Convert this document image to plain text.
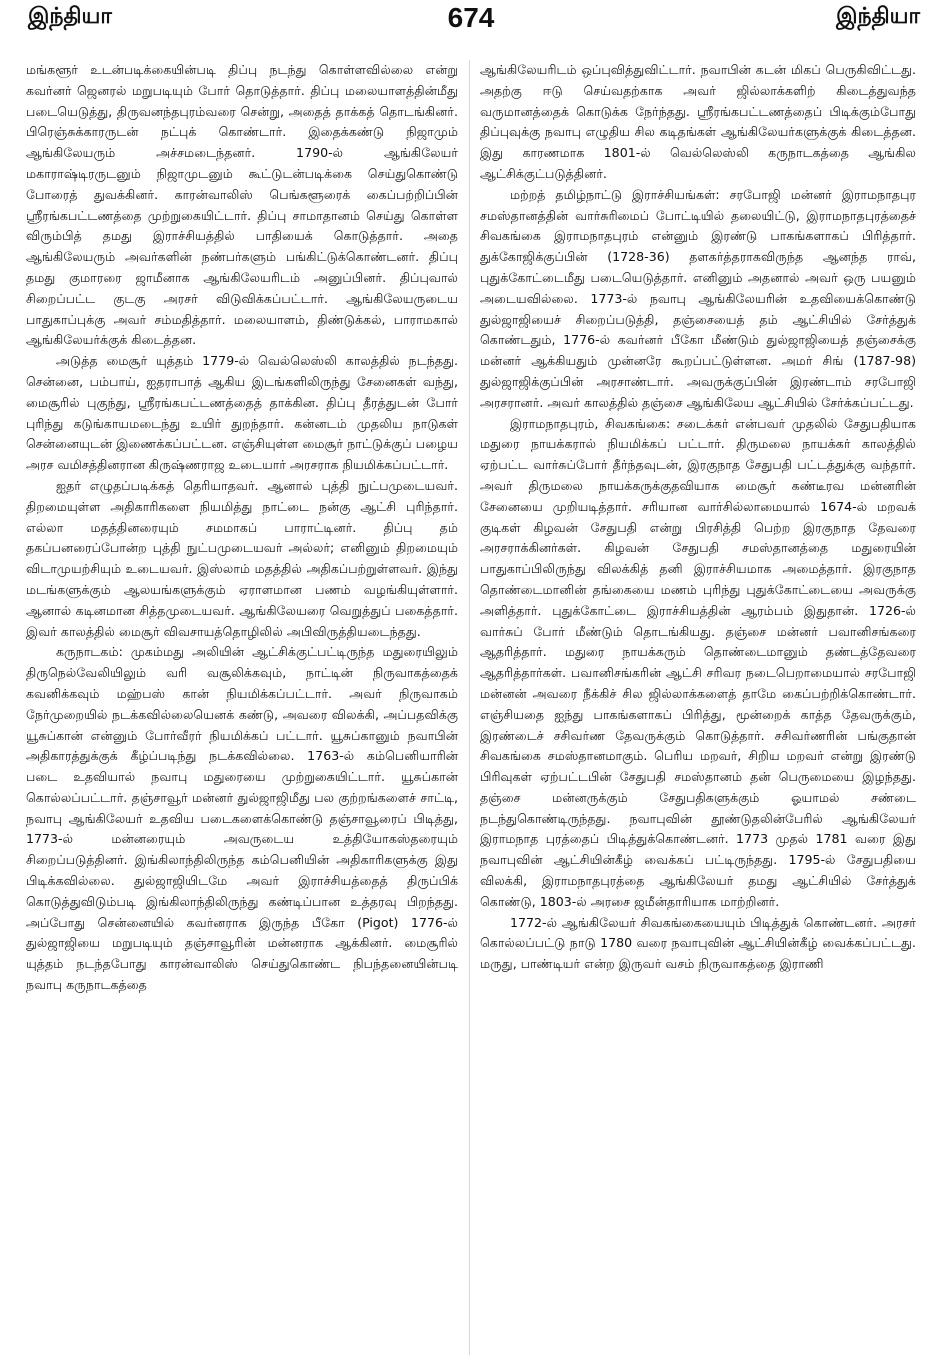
இந்தியா	674	இந்தியா

மங்களூர் உடன்படிக்கையின்படி திப்பு நடந்து கொள்ளவில்லை என்று கவர்னர் ஜெனரல் மறுபடியும் போர் தொடுத்தார். திப்பு மலையாளத்தின்மீது படையெடுத்து, திருவனந்தபுரம்வரை சென்று, அதைத் தாக்கத் தொடங்கினர். பிரெஞ்சுக்காரருடன் நட்புக் கொண்டார். இதைக்கண்டு நிஜாமும் ஆங்கிலேயரும் அச்சமடைந்தனர். 1790-ல் ஆங்கிலேயர் மகாராஷ்டிரருடனும் நிஜாமுடனும் கூட்டுடன்படிக்கை செய்துகொண்டு போரைத் துவக்கினர். காரன்வாலிஸ் பெங்களூரைக் கைப்பற்றிப்பின் ஸ்ரீரங்கபட்டணத்தை முற்றுகையிட்டார். திப்பு சாமாதானம் செய்து கொள்ள விரும்பித் தமது இராச்சியத்தில் பாதியைக் கொடுத்தார். அதை ஆங்கிலேயரும் அவர்களின் நண்பர்களும் பங்கிட்டுக்கொண்டனர். திப்பு தமது குமாரரை ஜாமீனாக ஆங்கிலேயரிடம் அனுப்பினர். திப்புவால் சிறைப்பட்ட குடகு அரசர் விடுவிக்கப்பட்டார். ஆங்கிலேயருடைய பாதுகாப்புக்கு அவர் சம்மதித்தார். மலையாளம், திண்டுக்கல், பாராமகால் ஆங்கிலேயர்க்குக் கிடைத்தன.

அடுத்த மைசூர் யுத்தம் 1779-ல் வெல்லெஸ்லி காலத்தில் நடந்தது. சென்னை, பம்பாய், ஐதராபாத் ஆகிய இடங்களிலிருந்து சேனைகள் வந்து, மைசூரில் புகுந்து, ஸ்ரீரங்கபட்டணத்தைத் தாக்கின. திப்பு தீரத்துடன் போர் புரிந்து கடுங்காயமடைந்து உயிர் துறந்தார். கன்னடம் முதலிய நாடுகள் சென்னையுடன் இணைக்கப்பட்டன. எஞ்சியுள்ள மைசூர் நாட்டுக்குப் பழைய அரச வமிசத்தினரான கிருஷ்ணராஜ உடையார் அரசராக நியமிக்கப்பட்டார்.

ஐதர் எழுதப்படிக்கத் தெரியாதவர். ஆனால் புத்தி நுட்பமுடையவர். திறமையுள்ள அதிகாரிகளை நியமித்து நாட்டை நன்கு ஆட்சி புரிந்தார். எல்லா மதத்தினரையும் சமமாகப் பாராட்டினர். திப்பு தம் தகப்பனரைப்போன்ற புத்தி நுட்பமுடையவர் அல்லர்; எனினும் திறமையும் விடாமுயற்சியும் உடையவர். இஸ்லாம் மதத்தில் அதிகப்பற்றுள்ளவர். இந்து மடங்களுக்கும் ஆலயங்களுக்கும் ஏராளமான பணம் வழங்கியுள்ளார். ஆனால் கடினமான சித்தமுடையவர். ஆங்கிலேயரை வெறுத்துப் பகைத்தார். இவர் காலத்தில் மைசூர் விவசாயத்தொழிலில் அபிவிருத்தியடைந்தது.

கருநாடகம்: முகம்மது அலியின் ஆட்சிக்குட்பட்டிருந்த மதுரையிலும் திருநெல்வேலியிலும் வரி வசூலிக்கவும், நாட்டின் நிருவாகத்தைக் கவனிக்கவும் மஹ்பஸ் கான் நியமிக்கப்பட்டார். அவர் நிருவாகம் நேர்முறையில் நடக்கவில்லையெனக் கண்டு, அவரை விலக்கி, அப்பதவிக்கு யூசுப்கான் என்னும் போர்வீரர் நியமிக்கப் பட்டார். யூசுப்கானும் நவாபின் அதிகாரத்துக்குக் கீழ்ப்படிந்து நடக்கவில்லை. 1763-ல் கம்பெனியாரின் படை உதவியால் நவாபு மதுரையை முற்றுகையிட்டார். யூசுப்கான் கொல்லப்பட்டார். தஞ்சாவூர் மன்னர் துல்ஜாஜிமீது பல குற்றங்களைச் சாட்டி, நவாபு ஆங்கிலேயர் உதவிய படைகளைக்கொண்டு தஞ்சாவூரைப் பிடித்து, 1773-ல் மன்னரையும் அவருடைய உத்தியோகஸ்தரையும் சிறைப்படுத்தினர். இங்கிலாந்திலிருந்த கம்பெனியின் அதிகாரிகளுக்கு இது பிடிக்கவில்லை. துல்ஜாஜியிடமே அவர் இராச்சியத்தைத் திருப்பிக் கொடுத்துவிடும்படி இங்கிலாந்திலிருந்து கண்டிப்பான உத்தரவு பிறந்தது. அப்போது சென்னையில் கவர்னராக இருந்த பீகோ (Pigot) 1776-ல் துல்ஜாஜியை மறுபடியும் தஞ்சாவூரின் மன்னராக ஆக்கினர். மைசூரில் யுத்தம் நடந்தபோது காரன்வாலிஸ் செய்துகொண்ட நிபந்தனையின்படி நவாபு கருநாடகத்தை

ஆங்கிலேயரிடம் ஒப்புவித்துவிட்டார். நவாபின் கடன் மிகப் பெருகிவிட்டது. அதற்கு ஈடு செய்வதற்காக அவர் ஜில்லாக்களிற் கிடைத்துவந்த வருமானத்தைக் கொடுக்க நேர்ந்தது. ஸ்ரீரங்கபட்டணத்தைப் பிடிக்கும்போது திப்புவுக்கு நவாபு எழுதிய சில கடிதங்கள் ஆங்கிலேயர்களுக்குக் கிடைத்தன. இது காரணமாக 1801-ல் வெல்லெஸ்லி கருநாடகத்தை ஆங்கில ஆட்சிக்குட்படுத்தினர்.

மற்றத் தமிழ்நாட்டு இராச்சியங்கள்: சரபோஜி மன்னர் இராமநாதபுர சமஸ்தானத்தின் வார்சுரிமைப் போட்டியில் தலையிட்டு, இராமநாதபுரத்தைச் சிவகங்கை இராமநாதபுரம் என்னும் இரண்டு பாகங்களாகப் பிரித்தார். துக்கோஜிக்குப்பின் (1728-36) தளகர்த்தராகவிருந்த ஆனந்த ராவ், புதுக்கோட்டைமீது படையெடுத்தார். எனினும் அதனால் அவர் ஒரு பயனும் அடையவில்லை. 1773-ல் நவாபு ஆங்கிலேயரின் உதவியைக்கொண்டு துல்ஜாஜியைச் சிறைப்படுத்தி, தஞ்சையைத் தம் ஆட்சியில் சேர்த்துக் கொண்டதும், 1776-ல் கவர்னர் பீகோ மீண்டும் துல்ஜாஜியைத் தஞ்சைக்கு மன்னர் ஆக்கியதும் முன்னரே கூறப்பட்டுள்ளன. அமர் சிங் (1787-98) துல்ஜாஜிக்குப்பின் அரசாண்டார். அவருக்குப்பின் இரண்டாம் சரபோஜி அரசரானர். அவர் காலத்தில் தஞ்சை ஆங்கிலேய ஆட்சியில் சேர்க்கப்பட்டது.

இராமநாதபுரம், சிவகங்கை: சடைக்கர் என்பவர் முதலில் சேதுபதியாக மதுரை நாயக்கரால் நியமிக்கப் பட்டார். திருமலை நாயக்கர் காலத்தில் ஏற்பட்ட வார்சுப்போர் தீர்ந்தவுடன், இரகுநாத சேதுபதி பட்டத்துக்கு வந்தார். அவர் திருமலை நாயக்கருக்குதவியாக மைசூர் கண்டீரவ மன்னரின் சேனையை முறியடித்தார். சரியான வார்சில்லாமையால் 1674-ல் மறவக் குடிகள் கிழவன் சேதுபதி என்று பிரசித்தி பெற்ற இரகுநாத தேவரை அரசராக்கினர்கள். கிழவன் சேதுபதி சமஸ்தானத்தை மதுரையின் பாதுகாப்பிலிருந்து விலக்கித் தனி இராச்சியமாக அமைத்தார். இரகுநாத தொண்டைமானின் தங்கையை மணம் புரிந்து புதுக்கோட்டையை அவருக்கு அளித்தார். புதுக்கோட்டை இராச்சியத்தின் ஆரம்பம் இதுதான். 1726-ல் வார்சுப் போர் மீண்டும் தொடங்கியது. தஞ்சை மன்னர் பவானிசங்கரை ஆதரித்தார். மதுரை நாயக்கரும் தொண்டைமானும் தண்டத்தேவரை ஆதரித்தார்கள். பவானிசங்கரின் ஆட்சி சரிவர நடைபெறாமையால் சரபோஜி மன்னன் அவரை நீக்கிச் சில ஜில்லாக்களைத் தாமே கைப்பற்றிக்கொண்டார். எஞ்சியதை ஐந்து பாகங்களாகப் பிரித்து, மூன்றைக் காத்த தேவருக்கும், இரண்டைச் சசிவர்ண தேவருக்கும் கொடுத்தார். சசிவர்ணரின் பங்குதான் சிவகங்கை சமஸ்தானமாகும். பெரிய மறவர், சிறிய மறவர் என்று இரண்டு பிரிவுகள் ஏற்பட்டபின் சேதுபதி சமஸ்தானம் தன் பெருமையை இழந்தது. தஞ்சை மன்னருக்கும் சேதுபதிகளுக்கும் ஓயாமல் சண்டை நடந்துகொண்டிருந்தது. நவாபுவின் தூண்டுதலின்பேரில் ஆங்கிலேயர் இராமநாத புரத்தைப் பிடித்துக்கொண்டனர். 1773 முதல் 1781 வரை இது நவாபுவின் ஆட்சியின்கீழ் வைக்கப் பட்டிருந்தது. 1795-ல் சேதுபதியை விலக்கி, இராமநாதபுரத்தை ஆங்கிலேயர் தமது ஆட்சியில் சேர்த்துக் கொண்டு, 1803-ல் அரசை ஜமீன்தாரியாக மாற்றினர்.

1772-ல் ஆங்கிலேயர் சிவகங்கையையும் பிடித்துக் கொண்டனர். அரசர் கொல்லப்பட்டு நாடு 1780 வரை நவாபுவின் ஆட்சியின்கீழ் வைக்கப்பட்டது. மருது, பாண்டியர் என்ற இருவர் வசம் நிருவாகத்தை இராணி
